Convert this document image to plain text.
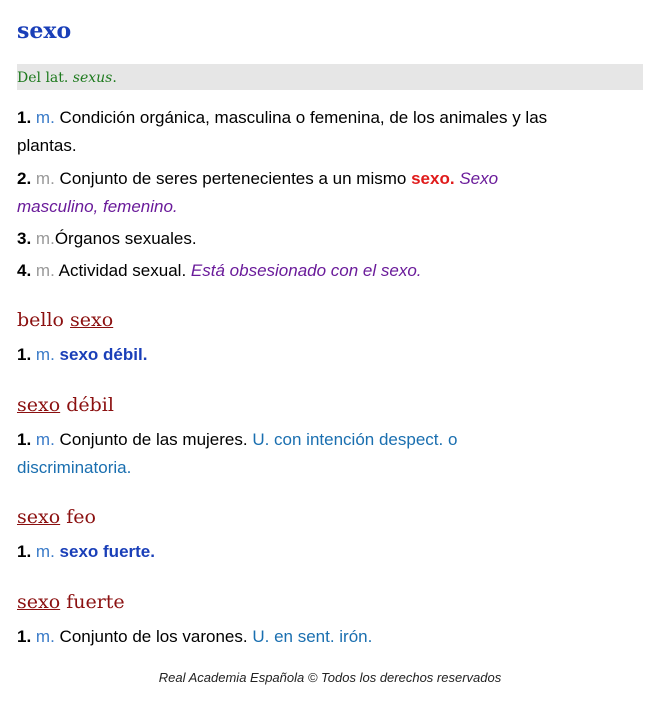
sexo
Del lat. sexus.
1. m. Condición orgánica, masculina o femenina, de los animales y las
plantas.
2. m. Conjunto de seres pertenecientes a un mismo sexo. Sexo
masculino, femenino.
3. m.Órganos sexuales.
4. m. Actividad sexual. Está obsesionado con el sexo.
bello sexo
1. m. sexo débil.
sexo débil
1. m. Conjunto de las mujeres. U. con intención despect. o
discriminatoria.
sexo feo
1. m. sexo fuerte.
sexo fuerte
1. m. Conjunto de los varones. U. en sent. irón.
Real Academia Española © Todos los derechos reservados
